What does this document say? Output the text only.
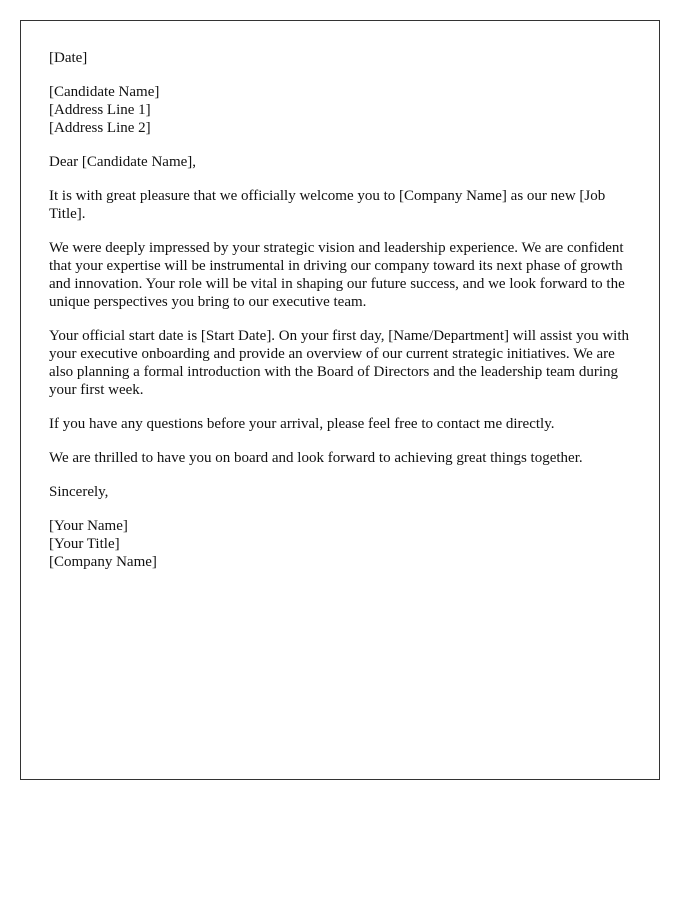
[Date]
[Candidate Name]
[Address Line 1]
[Address Line 2]

Dear [Candidate Name],

It is with great pleasure that we officially welcome you to [Company Name] as our new [Job Title].

We were deeply impressed by your strategic vision and leadership experience. We are confident that your expertise will be instrumental in driving our company toward its next phase of growth and innovation. Your role will be vital in shaping our future success, and we look forward to the unique perspectives you bring to our executive team.

Your official start date is [Start Date]. On your first day, [Name/Department] will assist you with your executive onboarding and provide an overview of our current strategic initiatives. We are also planning a formal introduction with the Board of Directors and the leadership team during your first week.

If you have any questions before your arrival, please feel free to contact me directly.

We are thrilled to have you on board and look forward to achieving great things together.

Sincerely,

[Your Name]
[Your Title]
[Company Name]
